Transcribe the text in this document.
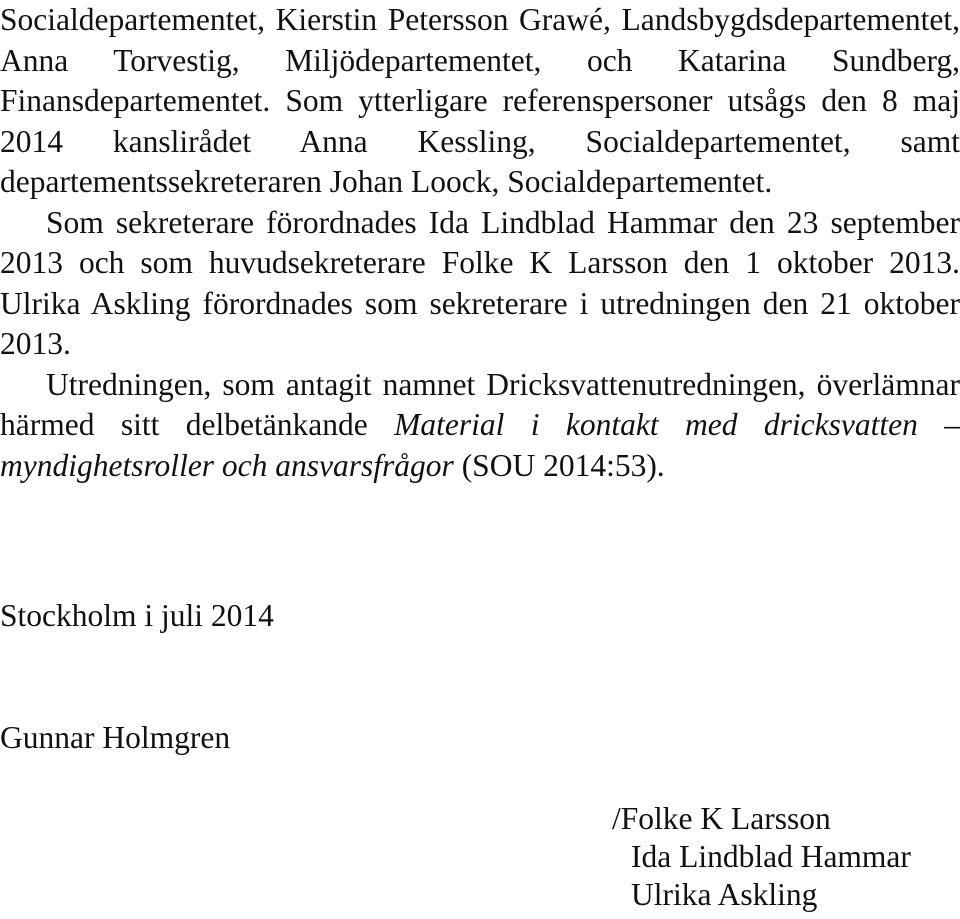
Socialdepartementet, Kierstin Petersson Grawé, Landsbygdsdepartementet, Anna Torvestig, Miljödepartementet, och Katarina Sundberg, Finansdepartementet. Som ytterligare referenspersoner utsågs den 8 maj 2014 kanslirådet Anna Kessling, Socialdepartementet, samt departementssekreteraren Johan Loock, Socialdepartementet.

Som sekreterare förordnades Ida Lindblad Hammar den 23 september 2013 och som huvudsekreterare Folke K Larsson den 1 oktober 2013. Ulrika Askling förordnades som sekreterare i utredningen den 21 oktober 2013.

Utredningen, som antagit namnet Dricksvattenutredningen, överlämnar härmed sitt delbetänkande Material i kontakt med dricksvatten – myndighetsroller och ansvarsfrågor (SOU 2014:53).

Stockholm i juli 2014

Gunnar Holmgren

/Folke K Larsson
Ida Lindblad Hammar
Ulrika Askling
